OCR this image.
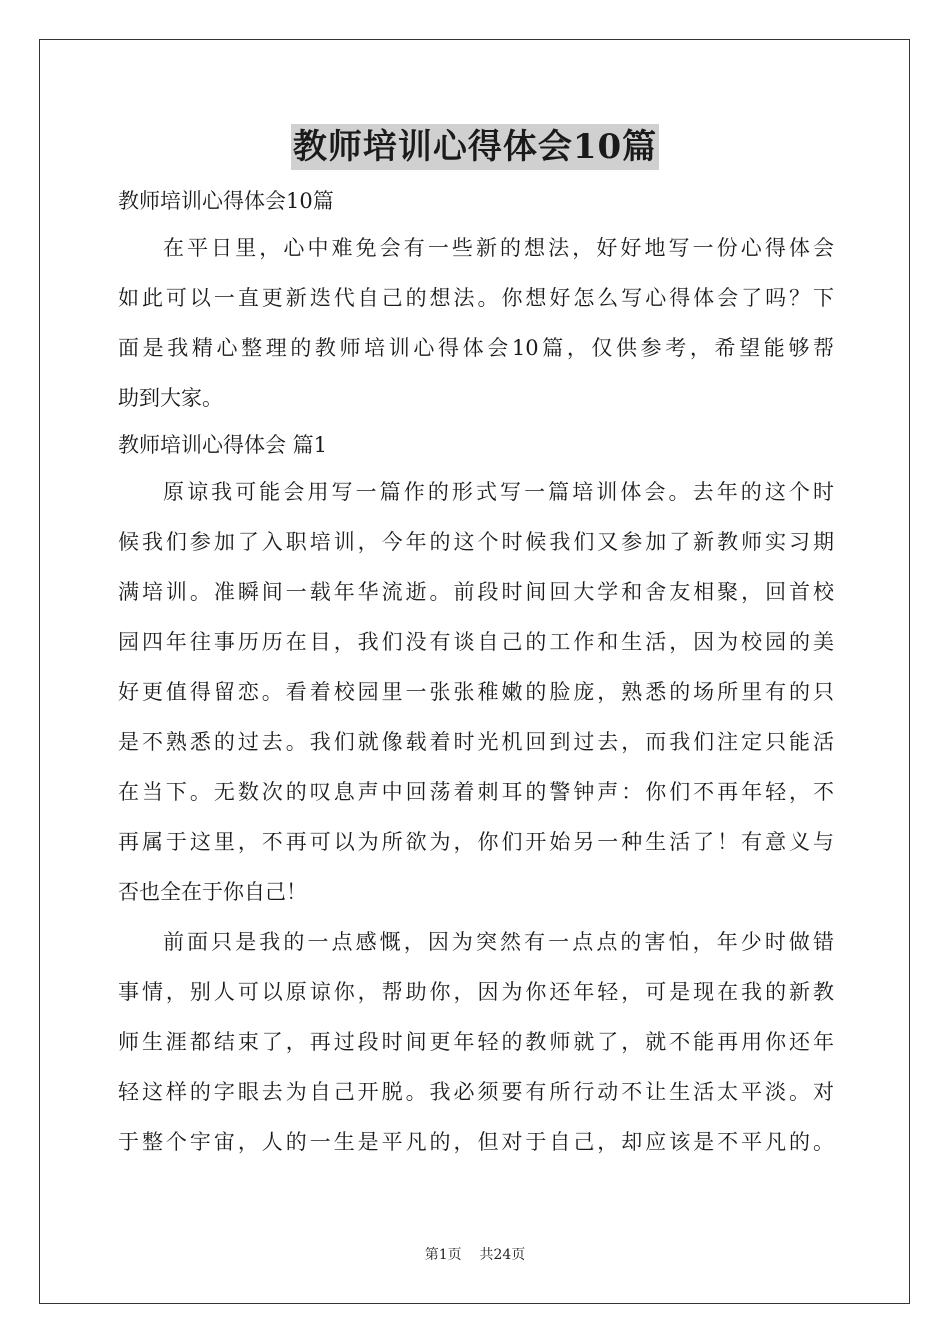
教师培训心得体会10篇
教师培训心得体会10篇
在平日里，心中难免会有一些新的想法，好好地写一份心得体会
如此可以一直更新迭代自己的想法。你想好怎么写心得体会了吗？下
面是我精心整理的教师培训心得体会10篇，仅供参考，希望能够帮
助到大家。
教师培训心得体会 篇1
原谅我可能会用写一篇作的形式写一篇培训体会。去年的这个时
候我们参加了入职培训，今年的这个时候我们又参加了新教师实习期
满培训。准瞬间一载年华流逝。前段时间回大学和舍友相聚，回首校
园四年往事历历在目，我们没有谈自己的工作和生活，因为校园的美
好更值得留恋。看着校园里一张张稚嫩的脸庞，熟悉的场所里有的只
是不熟悉的过去。我们就像载着时光机回到过去，而我们注定只能活
在当下。无数次的叹息声中回荡着刺耳的警钟声：你们不再年轻，不
再属于这里，不再可以为所欲为，你们开始另一种生活了！有意义与
否也全在于你自己！
前面只是我的一点感慨，因为突然有一点点的害怕，年少时做错
事情，别人可以原谅你，帮助你，因为你还年轻，可是现在我的新教
师生涯都结束了，再过段时间更年轻的教师就了，就不能再用你还年
轻这样的字眼去为自己开脱。我必须要有所行动不让生活太平淡。对
于整个宇宙，人的一生是平凡的，但对于自己，却应该是不平凡的。
第1页 共24页
